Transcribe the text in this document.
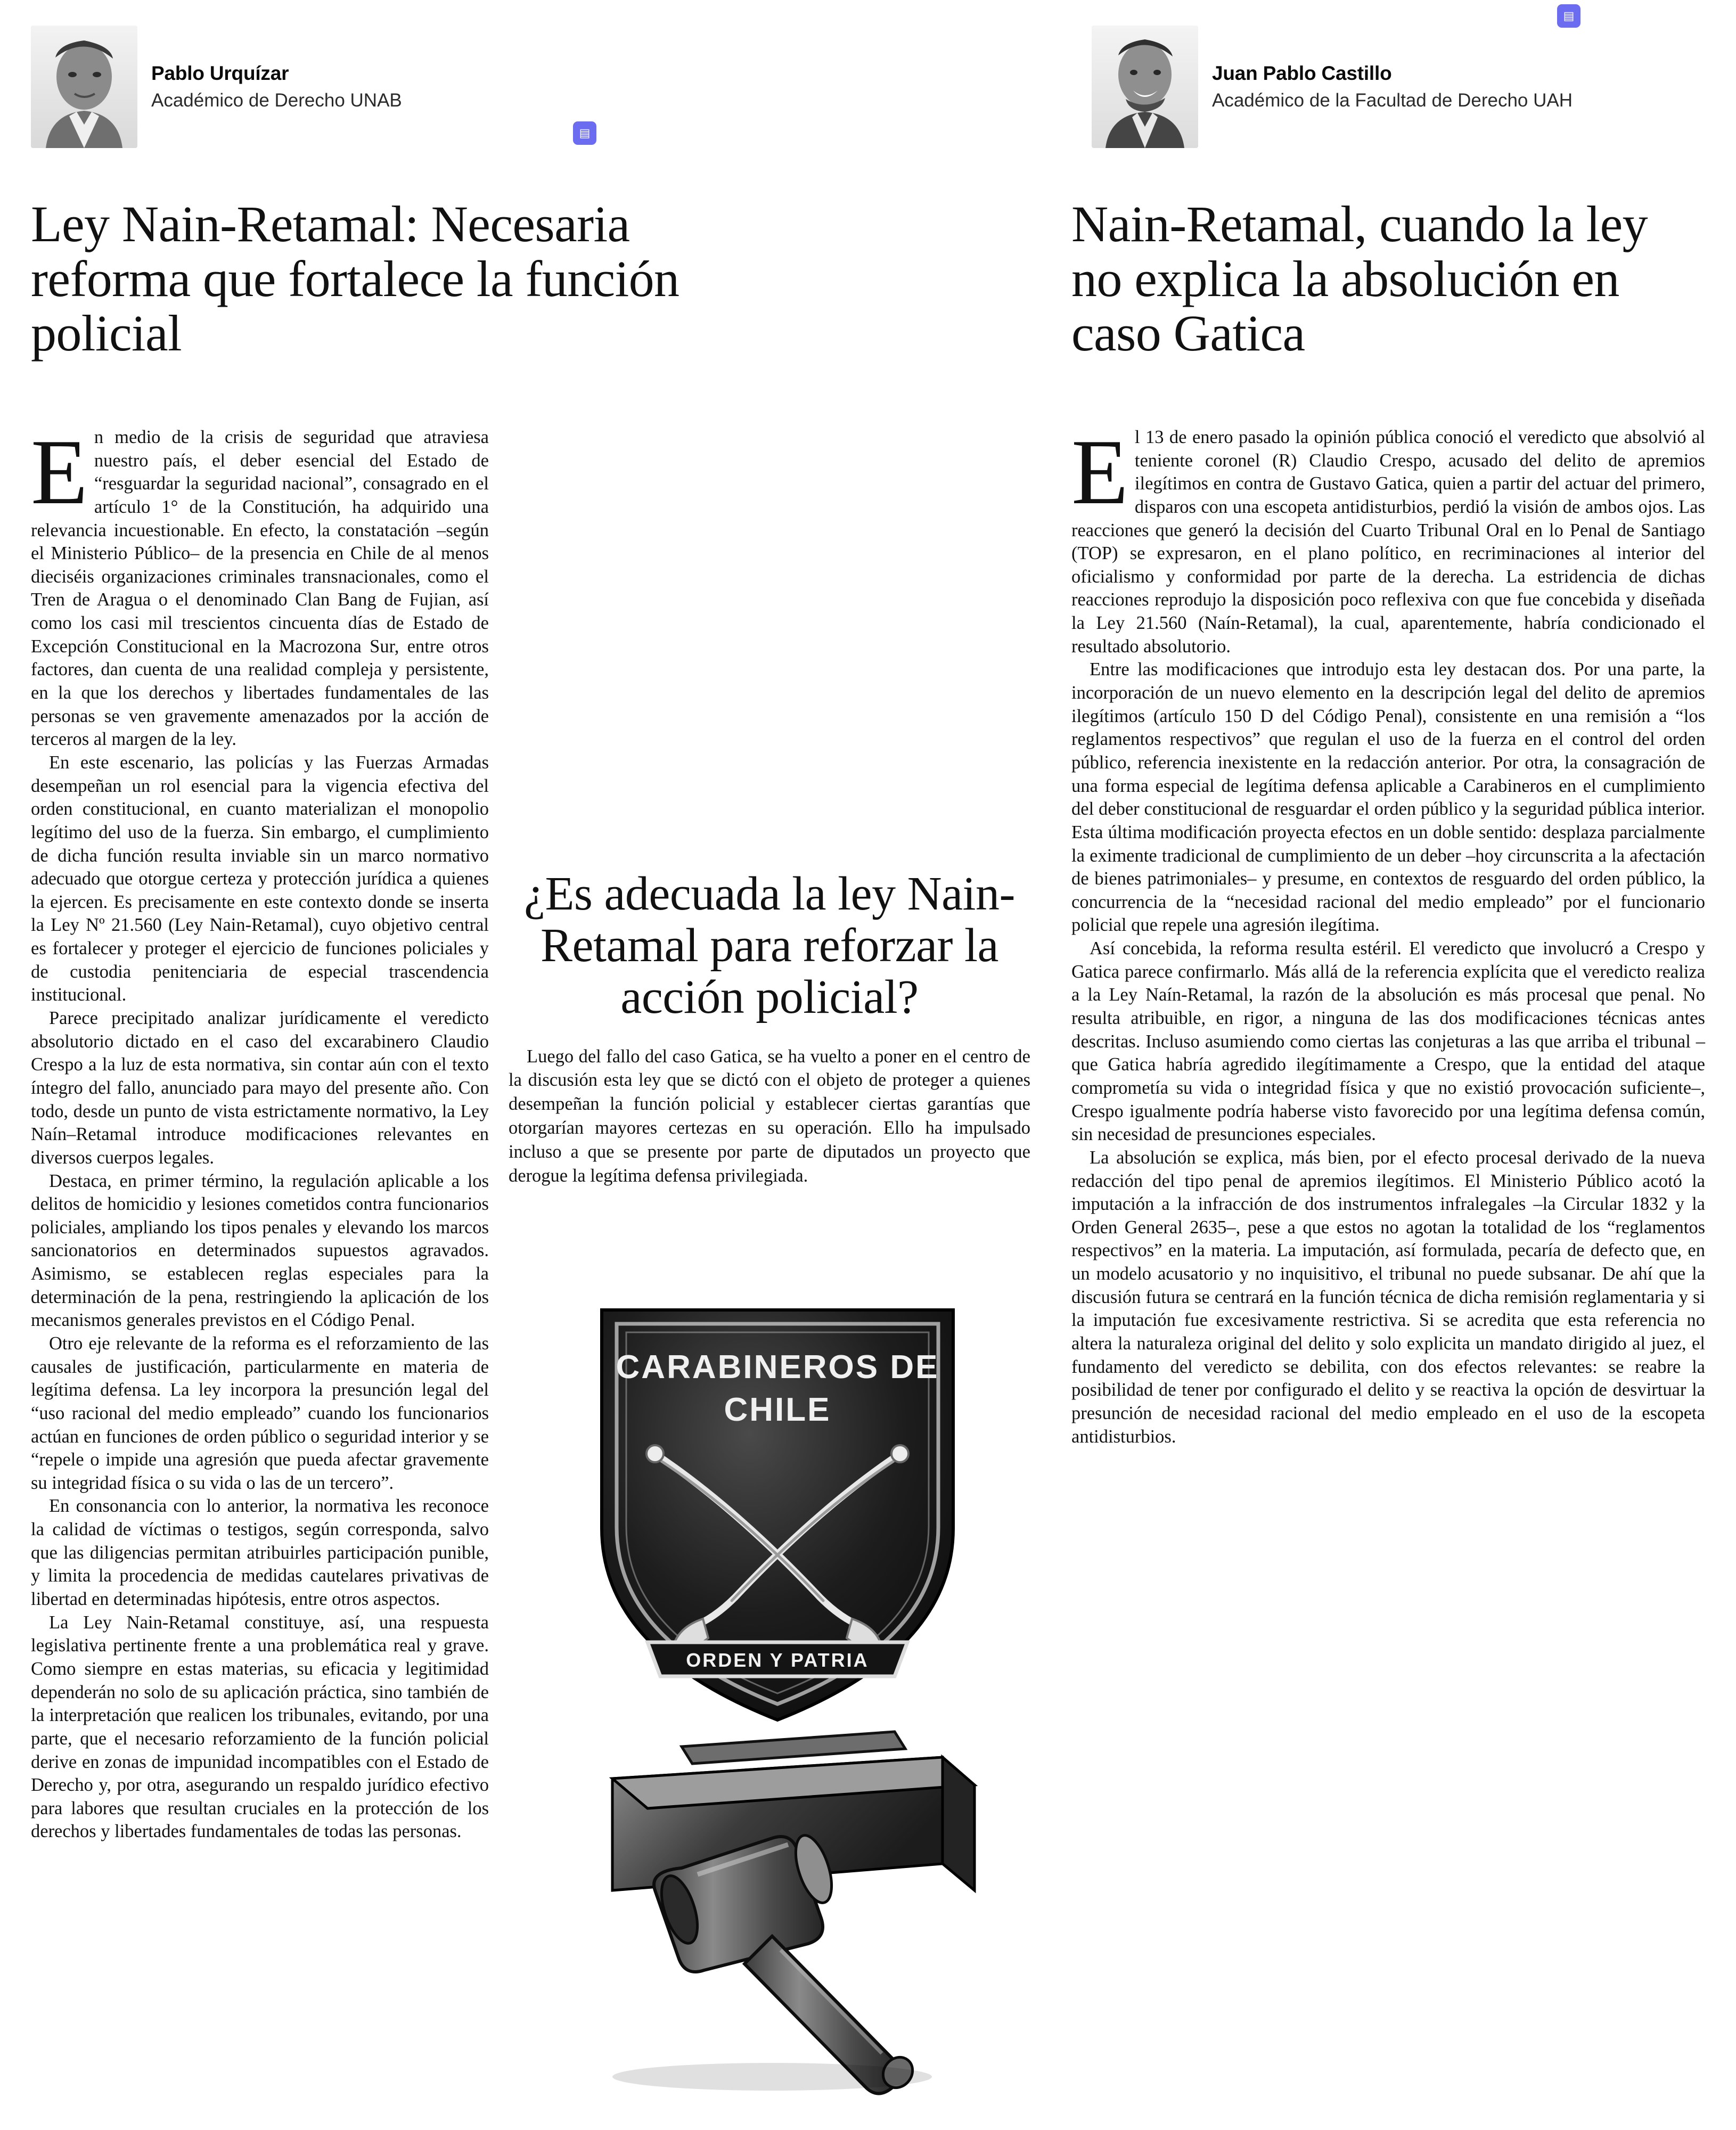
Pablo Urquízar
Académico de Derecho UNAB
Juan Pablo Castillo
Académico de la Facultad de Derecho UAH
▤
▤
Ley Nain-Retamal: Necesaria reforma que fortalece la función policial
Nain-Retamal, cuando la ley no explica la absolución en caso Gatica

En medio de la crisis de seguridad que atraviesa nuestro país, el deber esencial del Estado de “resguardar la seguridad nacional”, consagrado en el artículo 1° de la Constitución, ha adquirido una relevancia incuestionable. En efecto, la constatación –según el Ministerio Público– de la presencia en Chile de al menos dieciséis organizaciones criminales transnacionales, como el Tren de Aragua o el denominado Clan Bang de Fujian, así como los casi mil trescientos cincuenta días de Estado de Excepción Constitucional en la Macrozona Sur, entre otros factores, dan cuenta de una realidad compleja y persistente, en la que los derechos y libertades fundamentales de las personas se ven gravemente amenazados por la acción de terceros al margen de la ley.

En este escenario, las policías y las Fuerzas Armadas desempeñan un rol esencial para la vigencia efectiva del orden constitucional, en cuanto materializan el monopolio legítimo del uso de la fuerza. Sin embargo, el cumplimiento de dicha función resulta inviable sin un marco normativo adecuado que otorgue certeza y protección jurídica a quienes la ejercen. Es precisamente en este contexto donde se inserta la Ley Nº 21.560 (Ley Nain-Retamal), cuyo objetivo central es fortalecer y proteger el ejercicio de funciones policiales y de custodia penitenciaria de especial trascendencia institucional.

Parece precipitado analizar jurídicamente el veredicto absolutorio dictado en el caso del excarabinero Claudio Crespo a la luz de esta normativa, sin contar aún con el texto íntegro del fallo, anunciado para mayo del presente año. Con todo, desde un punto de vista estrictamente normativo, la Ley Naín–Retamal introduce modificaciones relevantes en diversos cuerpos legales.

Destaca, en primer término, la regulación aplicable a los delitos de homicidio y lesiones cometidos contra funcionarios policiales, ampliando los tipos penales y elevando los marcos sancionatorios en determinados supuestos agravados. Asimismo, se establecen reglas especiales para la determinación de la pena, restringiendo la aplicación de los mecanismos generales previstos en el Código Penal.

Otro eje relevante de la reforma es el reforzamiento de las causales de justificación, particularmente en materia de legítima defensa. La ley incorpora la presunción legal del “uso racional del medio empleado” cuando los funcionarios actúan en funciones de orden público o seguridad interior y se “repele o impide una agresión que pueda afectar gravemente su integridad física o su vida o las de un tercero”.

En consonancia con lo anterior, la normativa les reconoce la calidad de víctimas o testigos, según corresponda, salvo que las diligencias permitan atribuirles participación punible, y limita la procedencia de medidas cautelares privativas de libertad en determinadas hipótesis, entre otros aspectos.

La Ley Nain-Retamal constituye, así, una respuesta legislativa pertinente frente a una problemática real y grave. Como siempre en estas materias, su eficacia y legitimidad dependerán no solo de su aplicación práctica, sino también de la interpretación que realicen los tribunales, evitando, por una parte, que el necesario reforzamiento de la función policial derive en zonas de impunidad incompatibles con el Estado de Derecho y, por otra, asegurando un respaldo jurídico efectivo para labores que resultan cruciales en la protección de los derechos y libertades fundamentales de todas las personas.

El 13 de enero pasado la opinión pública conoció el veredicto que absolvió al teniente coronel (R) Claudio Crespo, acusado del delito de apremios ilegítimos en contra de Gustavo Gatica, quien a partir del actuar del primero, disparos con una escopeta antidisturbios, perdió la visión de ambos ojos. Las reacciones que generó la decisión del Cuarto Tribunal Oral en lo Penal de Santiago (TOP) se expresaron, en el plano político, en recriminaciones al interior del oficialismo y conformidad por parte de la derecha. La estridencia de dichas reacciones reprodujo la disposición poco reflexiva con que fue concebida y diseñada la Ley 21.560 (Naín-Retamal), la cual, aparentemente, habría condicionado el resultado absolutorio.

Entre las modificaciones que introdujo esta ley destacan dos. Por una parte, la incorporación de un nuevo elemento en la descripción legal del delito de apremios ilegítimos (artículo 150 D del Código Penal), consistente en una remisión a “los reglamentos respectivos” que regulan el uso de la fuerza en el control del orden público, referencia inexistente en la redacción anterior. Por otra, la consagración de una forma especial de legítima defensa aplicable a Carabineros en el cumplimiento del deber constitucional de resguardar el orden público y la seguridad pública interior. Esta última modificación proyecta efectos en un doble sentido: desplaza parcialmente la eximente tradicional de cumplimiento de un deber –hoy circunscrita a la afectación de bienes patrimoniales– y presume, en contextos de resguardo del orden público, la concurrencia de la “necesidad racional del medio empleado” por el funcionario policial que repele una agresión ilegítima.

Así concebida, la reforma resulta estéril. El veredicto que involucró a Crespo y Gatica parece confirmarlo. Más allá de la referencia explícita que el veredicto realiza a la Ley Naín-Retamal, la razón de la absolución es más procesal que penal. No resulta atribuible, en rigor, a ninguna de las dos modificaciones técnicas antes descritas. Incluso asumiendo como ciertas las conjeturas a las que arriba el tribunal –que Gatica habría agredido ilegítimamente a Crespo, que la entidad del ataque comprometía su vida o integridad física y que no existió provocación suficiente–, Crespo igualmente podría haberse visto favorecido por una legítima defensa común, sin necesidad de presunciones especiales.

La absolución se explica, más bien, por el efecto procesal derivado de la nueva redacción del tipo penal de apremios ilegítimos. El Ministerio Público acotó la imputación a la infracción de dos instrumentos infralegales –la Circular 1832 y la Orden General 2635–, pese a que estos no agotan la totalidad de los “reglamentos respectivos” en la materia. La imputación, así formulada, pecaría de defecto que, en un modelo acusatorio y no inquisitivo, el tribunal no puede subsanar. De ahí que la discusión futura se centrará en la función técnica de dicha remisión reglamentaria y si la imputación fue excesivamente restrictiva. Si se acredita que esta referencia no altera la naturaleza original del delito y solo explicita un mandato dirigido al juez, el fundamento del veredicto se debilita, con dos efectos relevantes: se reabre la posibilidad de tener por configurado el delito y se reactiva la opción de desvirtuar la presunción de necesidad racional del medio empleado en el uso de la escopeta antidisturbios.

¿Es adecuada la ley Nain-Retamal para reforzar la acción policial?

Luego del fallo del caso Gatica, se ha vuelto a poner en el centro de la discusión esta ley que se dictó con el objeto de proteger a quienes desempeñan la función policial y establecer ciertas garantías que otorgarían mayores certezas en su operación. Ello ha impulsado incluso a que se presente por parte de diputados un proyecto que derogue la legítima defensa privilegiada.

CARABINEROS DE
CHILE
ORDEN Y PATRIA
